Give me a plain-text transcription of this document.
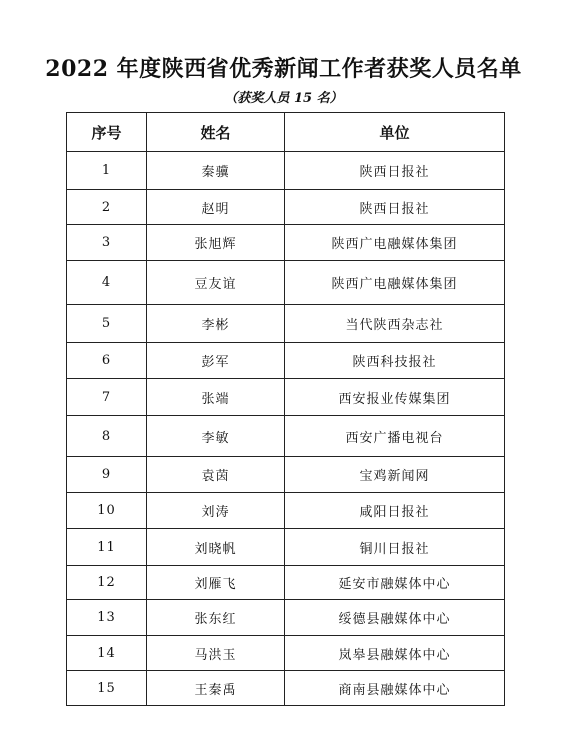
2022 年度陕西省优秀新闻工作者获奖人员名单
（获奖人员 15 名）
序号	姓名	单位
1	秦骥	陕西日报社
2	赵明	陕西日报社
3	张旭辉	陕西广电融媒体集团
4	豆友谊	陕西广电融媒体集团
5	李彬	当代陕西杂志社
6	彭军	陕西科技报社
7	张端	西安报业传媒集团
8	李敏	西安广播电视台
9	袁茵	宝鸡新闻网
10	刘涛	咸阳日报社
11	刘晓帆	铜川日报社
12	刘雁飞	延安市融媒体中心
13	张东红	绥德县融媒体中心
14	马洪玉	岚皋县融媒体中心
15	王秦禹	商南县融媒体中心
